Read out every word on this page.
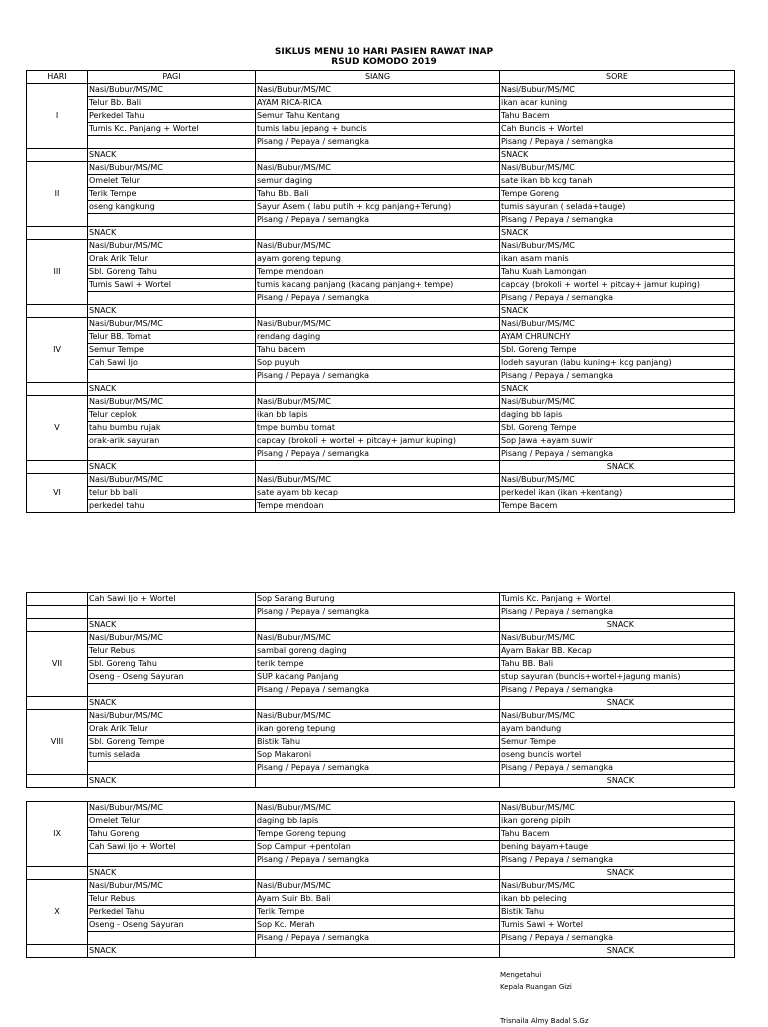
SIKLUS MENU 10 HARI PASIEN RAWAT INAP
RSUD KOMODO 2019
HARI	PAGI	SIANG	SORE
I	Nasi/Bubur/MS/MC	Nasi/Bubur/MS/MC	Nasi/Bubur/MS/MC
	Telur Bb. Bali	AYAM RICA-RICA	ikan acar kuning
	Perkedel Tahu	Semur Tahu Kentang	Tahu Bacem
	Tumis Kc. Panjang + Wortel	tumis labu jepang + buncis	Cah Buncis + Wortel
		Pisang / Pepaya / semangka	Pisang / Pepaya / semangka
	SNACK		SNACK
II	Nasi/Bubur/MS/MC	Nasi/Bubur/MS/MC	Nasi/Bubur/MS/MC
	Omelet Telur	semur daging	sate ikan bb kcg tanah
	Terik Tempe	Tahu Bb. Bali	Tempe Goreng
	oseng kangkung	Sayur Asem ( labu putih + kcg panjang+Terung)	tumis sayuran ( selada+tauge)
		Pisang / Pepaya / semangka	Pisang / Pepaya / semangka
	SNACK		SNACK
III	Nasi/Bubur/MS/MC	Nasi/Bubur/MS/MC	Nasi/Bubur/MS/MC
	Orak Arik Telur	ayam goreng tepung	ikan asam manis
	Sbl. Goreng Tahu	Tempe mendoan	Tahu Kuah Lamongan
	Tumis Sawi + Wortel	tumis kacang panjang (kacang panjang+ tempe)	capcay (brokoli + wortel + pitcay+ jamur kuping)
		Pisang / Pepaya / semangka	Pisang / Pepaya / semangka
	SNACK		SNACK
IV	Nasi/Bubur/MS/MC	Nasi/Bubur/MS/MC	Nasi/Bubur/MS/MC
	Telur BB. Tomat	rendang daging	AYAM CHRUNCHY
	Semur Tempe	Tahu bacem	Sbl. Goreng Tempe
	Cah Sawi Ijo	Sop puyuh	lodeh sayuran (labu kuning+ kcg panjang)
		Pisang / Pepaya / semangka	Pisang / Pepaya / semangka
	SNACK		SNACK
V	Nasi/Bubur/MS/MC	Nasi/Bubur/MS/MC	Nasi/Bubur/MS/MC
	Telur ceplok	ikan bb lapis	daging bb lapis
	tahu bumbu rujak	tmpe bumbu tomat	Sbl. Goreng Tempe
	orak-arik sayuran	capcay (brokoli + wortel + pitcay+ jamur kuping)	Sop Jawa +ayam suwir
		Pisang / Pepaya / semangka	Pisang / Pepaya / semangka
	SNACK		SNACK
VI	Nasi/Bubur/MS/MC	Nasi/Bubur/MS/MC	Nasi/Bubur/MS/MC
	telur bb bali	sate ayam bb kecap	perkedel ikan (ikan +kentang)
	perkedel tahu	Tempe mendoan	Tempe Bacem
	Cah Sawi Ijo + Wortel	Sop Sarang Burung	Tumis Kc. Panjang + Wortel
		Pisang / Pepaya / semangka	Pisang / Pepaya / semangka
	SNACK		SNACK
VII	Nasi/Bubur/MS/MC	Nasi/Bubur/MS/MC	Nasi/Bubur/MS/MC
	Telur Rebus	sambal goreng daging	Ayam Bakar BB. Kecap
	Sbl. Goreng Tahu	terik tempe	Tahu BB. Bali
	Oseng - Oseng Sayuran	SUP kacang Panjang	stup sayuran (buncis+wortel+jagung manis)
		Pisang / Pepaya / semangka	Pisang / Pepaya / semangka
	SNACK		SNACK
VIII	Nasi/Bubur/MS/MC	Nasi/Bubur/MS/MC	Nasi/Bubur/MS/MC
	Orak Arik Telur	ikan goreng tepung	ayam bandung
	Sbl. Goreng Tempe	Bistik Tahu	Semur Tempe
	tumis selada	Sop Makaroni	oseng buncis wortel
		Pisang / Pepaya / semangka	Pisang / Pepaya / semangka
	SNACK		SNACK
IX	Nasi/Bubur/MS/MC	Nasi/Bubur/MS/MC	Nasi/Bubur/MS/MC
	Omelet Telur	daging bb lapis	ikan goreng pipih
	Tahu Goreng	Tempe Goreng tepung	Tahu Bacem
	Cah Sawi Ijo + Wortel	Sop Campur +pentolan	bening bayam+tauge
		Pisang / Pepaya / semangka	Pisang / Pepaya / semangka
	SNACK		SNACK
X	Nasi/Bubur/MS/MC	Nasi/Bubur/MS/MC	Nasi/Bubur/MS/MC
	Telur Rebus	Ayam Suir Bb. Bali	ikan bb pelecing
	Perkedel Tahu	Terik Tempe	Bistik Tahu
	Oseng - Oseng Sayuran	Sop Kc. Merah	Tumis Sawi + Wortel
		Pisang / Pepaya / semangka	Pisang / Pepaya / semangka
	SNACK		SNACK
Mengetahui
Kepala Ruangan Gizi
Trisnaila Almy Badal S.Gz
